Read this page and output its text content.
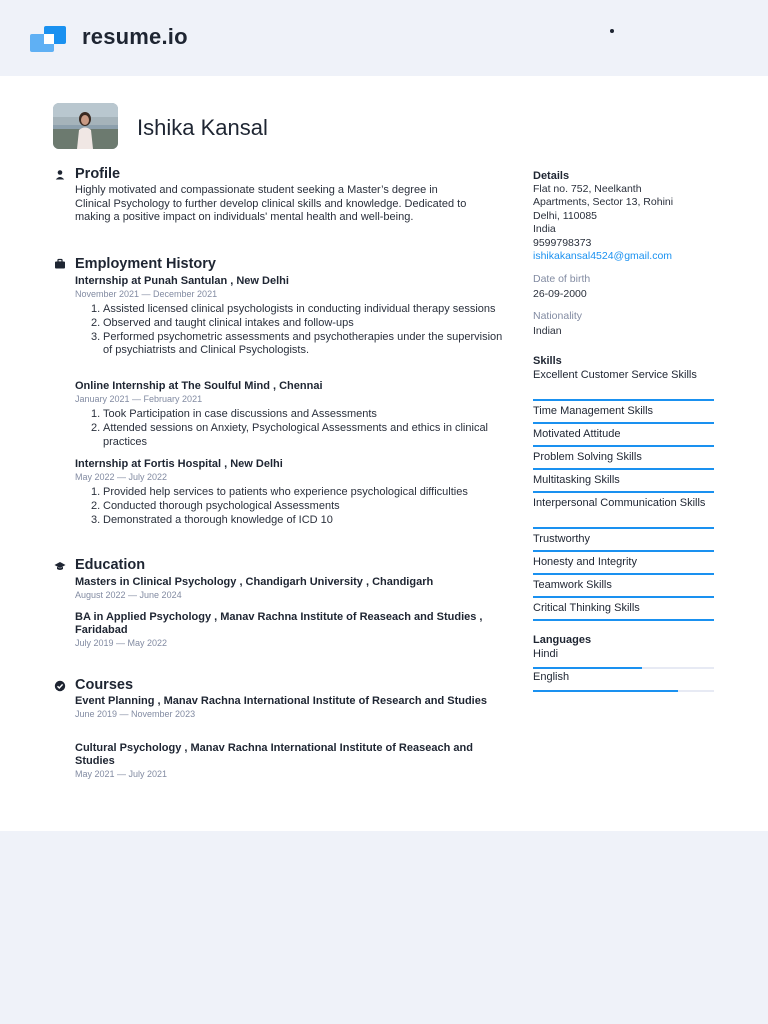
resume.io
Ishika Kansal
Profile
Highly motivated and compassionate student seeking a Master’s degree in Clinical Psychology to further develop clinical skills and knowledge. Dedicated to making a positive impact on individuals' mental health and well-being.
Employment History
Internship at Punah Santulan , New Delhi
November 2021 — December 2021
1. Assisted licensed clinical psychologists in conducting individual therapy sessions
2. Observed and taught clinical intakes and follow-ups
3. Performed psychometric assessments and psychotherapies under the supervision of psychiatrists and Clinical Psychologists.
Online Internship at The Soulful Mind , Chennai
January 2021 — February 2021
1. Took Participation in case discussions and Assessments
2. Attended sessions on Anxiety, Psychological Assessments and ethics in clinical practices
Internship at Fortis Hospital , New Delhi
May 2022 — July 2022
1. Provided help services to patients who experience psychological difficulties
2. Conducted thorough psychological Assessments
3. Demonstrated a thorough knowledge of ICD 10
Education
Masters in Clinical Psychology , Chandigarh University , Chandigarh
August 2022 — June 2024
BA in Applied Psychology , Manav Rachna Institute of Reaseach and Studies , Faridabad
July 2019 — May 2022
Courses
Event Planning , Manav Rachna International Institute of Research and Studies
June 2019 — November 2023
Cultural Psychology , Manav Rachna International Institute of Reaseach and Studies
May 2021 — July 2021
Details
Flat no. 752, Neelkanth
Apartments, Sector 13, Rohini
Delhi, 110085
India
9599798373
ishikakansal4524@gmail.com
Date of birth
26-09-2000
Nationality
Indian
Skills
Excellent Customer Service Skills
Time Management Skills
Motivated Attitude
Problem Solving Skills
Multitasking Skills
Interpersonal Communication Skills
Trustworthy
Honesty and Integrity
Teamwork Skills
Critical Thinking Skills
Languages
Hindi
English
